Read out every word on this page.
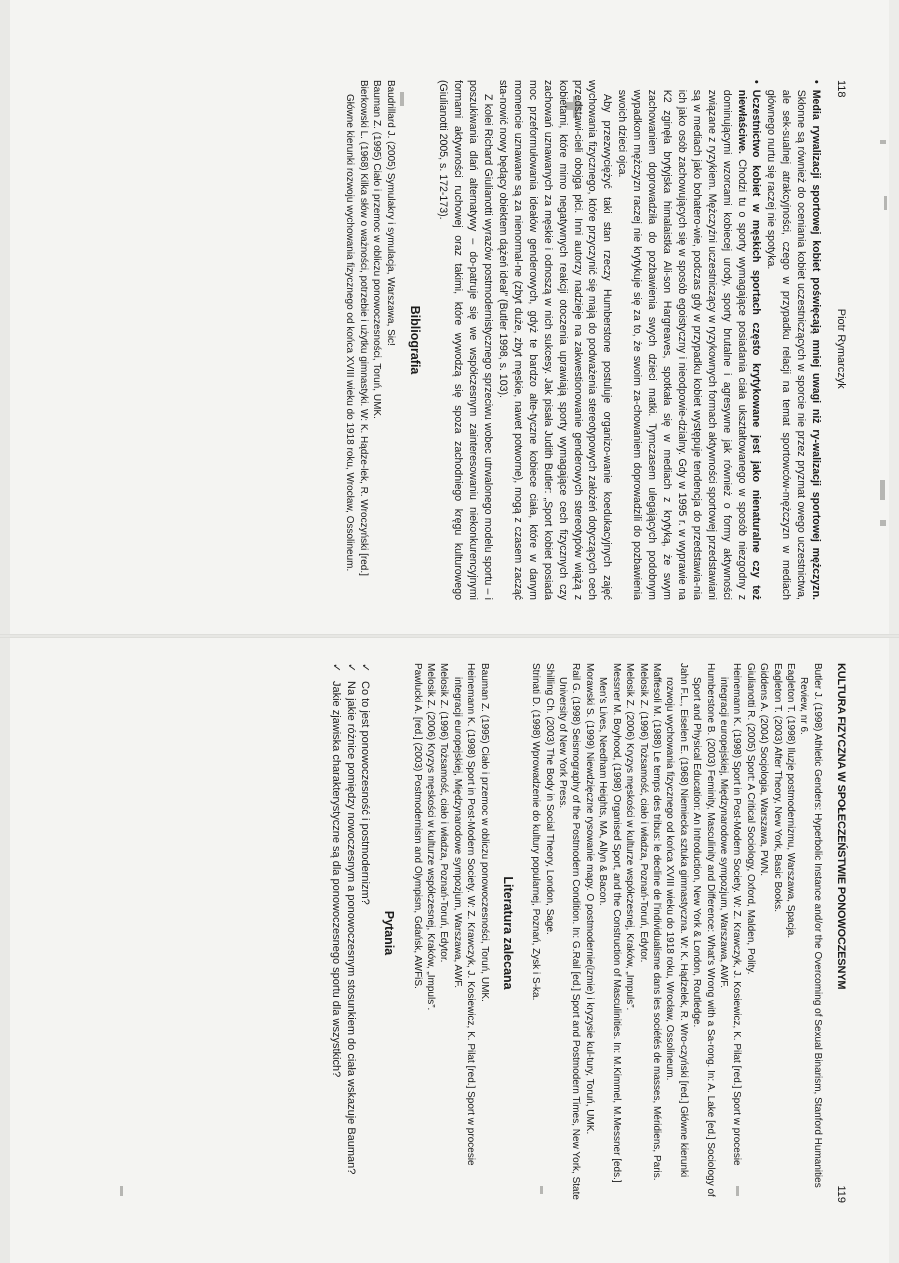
118
Piotr Rymarczyk
•

Media rywalizacji sportowej kobiet poświęcają mniej uwagi niż ry-walizacji sportowej mężczyzn. Skłonne są również do oceniania kobiet uczestniczących w sporcie nie przez pryzmat owego uczestnictwa, ale sek-sualnej atrakcyjności, czego w przypadku relacji na temat sportowców-mężczyzn w mediach głównego nurtu się raczej nie spotyka.

•

Uczestnictwo kobiet w męskich sportach często krytykowane jest jako nienaturalne czy też niewłaściwe. Chodzi tu o sporty wymagające posiadania ciała ukształtowanego w sposób niezgodny z dominującymi wzorcami kobiecej urody, sporty brutalne i agresywne jak również o formy aktywności związane z ryzykiem. Mężczyźni uczestniczący w ryzykownych formach aktywności sportowej przedstawiani są w mediach jako bohatero-wie, podczas gdy w przypadku kobiet występuje tendencja do przedstawia-nia ich jako osób zachowujących się w sposób egoistyczny i nieodpowie-dzialny. Gdy w 1995 r. w wyprawie na K2 zginęła brytyjska himalaistka Ali-son Hargreaves, spotkała się w mediach z krytyką, że swym zachowaniem doprowadziła do pozbawienia swych dzieci matki. Tymczasem ulegających podobnym wypadkom mężczyzn raczej nie krytykuje się za to, że swoim za-chowaniem doprowadzili do pozbawienia swoich dzieci ojca.

Aby przezwyciężyć taki stan rzeczy Humberstone postuluje organizo-wanie koedukacyjnych zajęć wychowania fizycznego, które przyczynić się mają do podważenia stereotypowych założeń dotyczących cech przedstawi-cieli obojga płci. Inni autorzy nadzieje na zakwestionowanie genderowych stereotypów wiążą z kobietami, które mimo negatywnych reakcji otoczenia uprawiają sporty wymagające cech fizycznych czy zachowań uznawanych za męskie i odnoszą w nich sukcesy. Jak pisała Judith Butler: „Sport kobiet posiada moc przeformułowania ideałów genderowych, gdyż te bardzo alte-tyczne kobiece ciała, które w danym momencie uznawane są za nienormal-ne (zbyt duże, zbyt męskie, nawet potworne), mogą z czasem zacząć sta-nowić nowy będący obiektem dążeń ideał” (Butler 1998, s. 103).

Z kolei Richard Giulianotti wyrazów postmodernistycznego sprzeciwu wobec utrwalonego modelu sportu – i poszukiwania dlań alternatywy – do-patruje się we współczesnym zainteresowaniu niekonkurencyjnymi formami aktywności ruchowej oraz takimi, które wywodzą się spoza zachodniego kręgu kulturowego (Giulianotti 2005, s. 172-173).

Bibliografia

Baudrillard J. (2005) Symulakry i symulacja, Warszawa, Sic!

Bauman Z. (1995) Ciało i przemoc w obliczu ponowoczesności, Toruń, UMK.

Bierkowski L. (1968) Kilka słów o ważności, potrzebie i użytku gimnastyki. W: K. Hądze-lek, R. Wroczyński [red.] Główne kierunki rozwoju wychowania fizycznego od końca XVIII wieku do 1918 roku, Wrocław, Ossolineum.

KULTURA FIZYCZNA W SPOŁECZEŃSTWIE PONOWOCZESNYM
119

Butler J. (1998) Athletic Genders: Hyperbolic Instance and/or the Overcoming of Sexual Binarism, Stanford Humanities Review, nr 6.

Eagleton T. (1998) Iluzje postmodernizmu, Warszawa, Spacja.

Eagleton T. (2003) After Theory, New York, Basic Books.

Giddens A. (2004) Socjologia, Warszawa, PWN.

Giulianotti R. (2005) Sport: A Critical Sociology, Oxford, Malden, Polity.

Heinemann K. (1998) Sport in Post-Modern Society. W: Z. Krawczyk, J. Kosiewicz, K. Pilat [red.] Sport w procesie integracji europejskiej, Międzynarodowe sympozjum, Warszawa, AWF.

Humberstone B. (2003) Feminity, Masculinity and Difference: What's Wrong with a Sa-rong. In: A. Lake [ed.] Sociology of Sport and Physical Education: An Introduction, New York & London, Routledge.

Jahn F.L., Eiselen E. (1968) Niemiecka sztuka gimnastyczna. W: K. Hądzelek, R. Wro-czyński [red.] Główne kierunki rozwoju wychowania fizycznego od końca XVIII wieku do 1918 roku, Wrocław, Ossolineum.

Maffesoli M. (1988) Le temps des tribus: le decline de l'individualisme dans les sociétés de masses, Méridiens, Paris.

Melosik Z. (1996) Tożsamość, ciało i władza, Poznań-Toruń, Edytor.

Melosik Z. (2006) Kryzys męskości w kulturze współczesnej, Kraków, „Impuls”.

Messner M. Boyhood, (1998) Organised Sport, and the Construction of Masculinities. In: M.Kimmel, M.Messner [eds.] Men's Lives, Needham Heights, MA, Allyn & Bacon.

Morawski S. (1999) Niewdzięczne rysowanie mapy. O postmodernie(izmie) i kryzysie kul-tury, Toruń, UMK.

Rail G. (1998) Seismography of the Postmodern Condition. In: G.Rail [ed.] Sport and Postmodern Times, New York, State University of New York Press.

Shilling Ch. (2003) The Body in Social Theory, London, Sage.

Strinati D. (1998) Wprowadzenie do kultury popularnej, Poznań, Zysk i S-ka.

Literatura zalecana

Bauman Z. (1995) Ciało i przemoc w obliczu ponowoczesności, Toruń, UMK.

Heinemann K. (1998) Sport in Post-Modern Society. W: Z. Krawczyk, J. Kosiewicz, K. Pilat [red.] Sport w procesie integracji europejskiej, Międzynarodowe sympozjum, Warszawa, AWF.

Melosik Z. (1996) Tożsamość, ciało i władza, Poznań-Toruń, Edytor.

Melosik Z. (2006) Kryzys męskości w kulturze współczesnej, Kraków, „Impuls”.

Pawlucki A. [red.] (2003) Postmodernism and Olympism, Gdańsk, AWFiS.

Pytania
✓
Co to jest ponowoczesność i postmodernizm?
✓
Na jakie różnice pomiędzy nowoczesnym a ponowoczesnym stosunkiem do ciała wskazuje Bauman?
✓
Jakie zjawiska charakterystyczne są dla ponowoczesnego sportu dla wszystkich?
